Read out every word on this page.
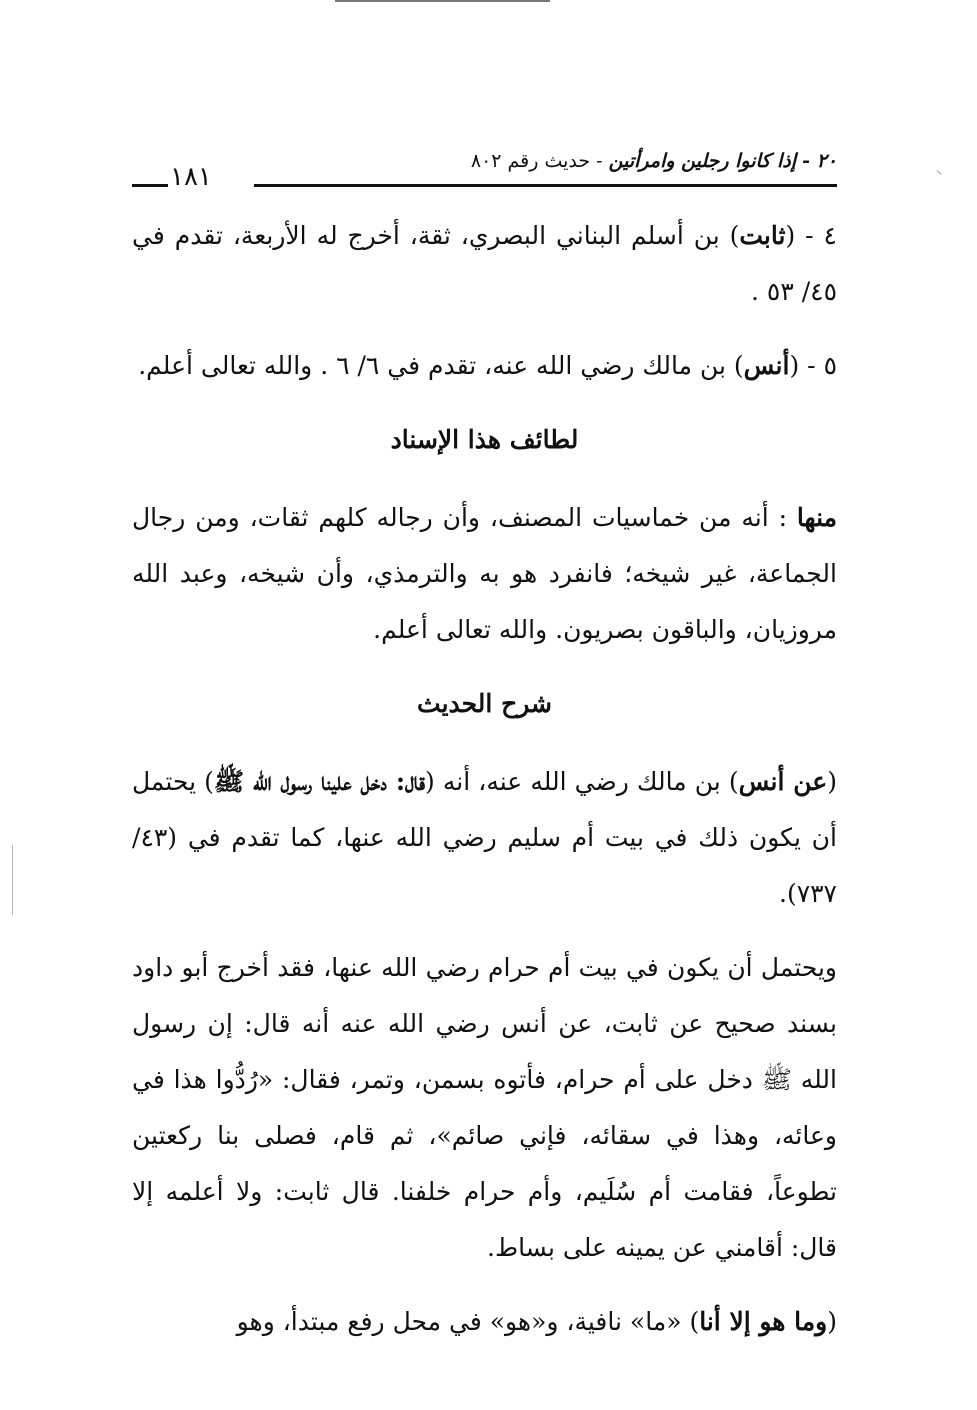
٢٠ - إذا كانوا رجلين وامرأتين - حديث رقم ٨٠٢
١٨١

٤ - (ثابت) بن أسلم البناني البصري، ثقة، أخرج له الأربعة، تقدم في ٤٥/ ٥٣ .

٥ - (أنس) بن مالك رضي الله عنه، تقدم في ٦/ ٦ . والله تعالى أعلم.

لطائف هذا الإسناد

منها : أنه من خماسيات المصنف، وأن رجاله كلهم ثقات، ومن رجال الجماعة، غير شيخه؛ فانفرد هو به والترمذي، وأن شيخه، وعبد الله مروزيان، والباقون بصريون. والله تعالى أعلم.

شرح الحديث

(عن أنس) بن مالك رضي الله عنه، أنه (قال: دخل علينا رسول الله ﷺ) يحتمل أن يكون ذلك في بيت أم سليم رضي الله عنها، كما تقدم في (٤٣/ ٧٣٧).

ويحتمل أن يكون في بيت أم حرام رضي الله عنها، فقد أخرج أبو داود بسند صحيح عن ثابت، عن أنس رضي الله عنه أنه قال: إن رسول الله ﷺ دخل على أم حرام، فأتوه بسمن، وتمر، فقال: «رُدُّوا هذا في وعائه، وهذا في سقائه، فإني صائم»، ثم قام، فصلى بنا ركعتين تطوعاً، فقامت أم سُلَيم، وأم حرام خلفنا. قال ثابت: ولا أعلمه إلا قال: أقامني عن يمينه على بساط.

(وما هو إلا أنا) «ما» نافية، و«هو» في محل رفع مبتدأ، وهو
